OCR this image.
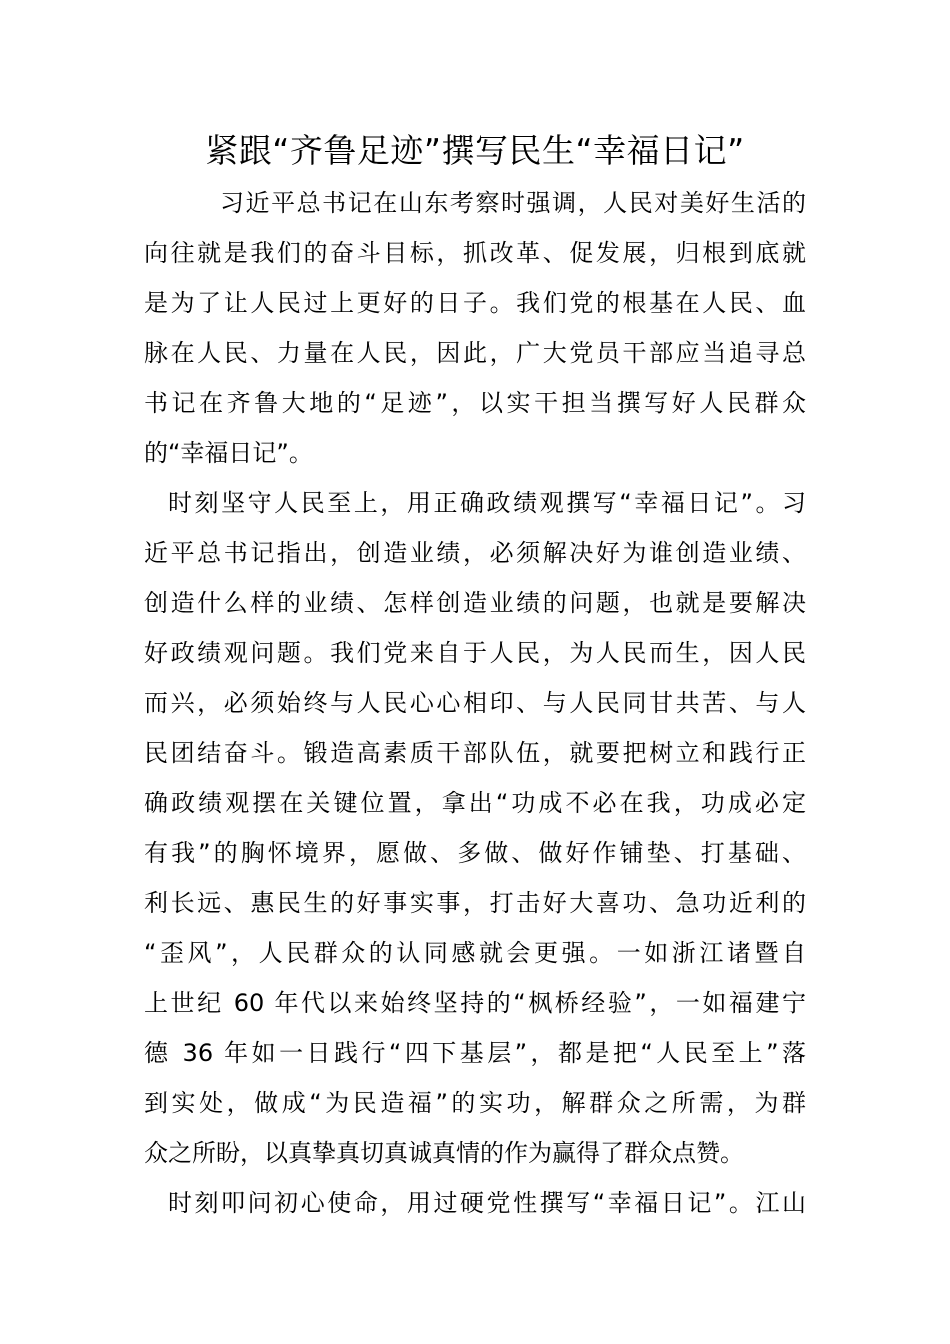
紧跟“齐鲁足迹”撰写民生“幸福日记”
习近平总书记在山东考察时强调，人民对美好生活的
向往就是我们的奋斗目标，抓改革、促发展，归根到底就
是为了让人民过上更好的日子。我们党的根基在人民、血
脉在人民、力量在人民，因此，广大党员干部应当追寻总
书记在齐鲁大地的“足迹”，以实干担当撰写好人民群众
的“幸福日记”。
时刻坚守人民至上，用正确政绩观撰写“幸福日记”。习
近平总书记指出，创造业绩，必须解决好为谁创造业绩、
创造什么样的业绩、怎样创造业绩的问题，也就是要解决
好政绩观问题。我们党来自于人民，为人民而生，因人民
而兴，必须始终与人民心心相印、与人民同甘共苦、与人
民团结奋斗。锻造高素质干部队伍，就要把树立和践行正
确政绩观摆在关键位置，拿出“功成不必在我，功成必定
有我”的胸怀境界，愿做、多做、做好作铺垫、打基础、
利长远、惠民生的好事实事，打击好大喜功、急功近利的
“歪风”，人民群众的认同感就会更强。一如浙江诸暨自
上世纪 60 年代以来始终坚持的“枫桥经验”，一如福建宁
德 36 年如一日践行“四下基层”，都是把“人民至上”落
到实处，做成“为民造福”的实功，解群众之所需，为群
众之所盼，以真挚真切真诚真情的作为赢得了群众点赞。
时刻叩问初心使命，用过硬党性撰写“幸福日记”。江山
